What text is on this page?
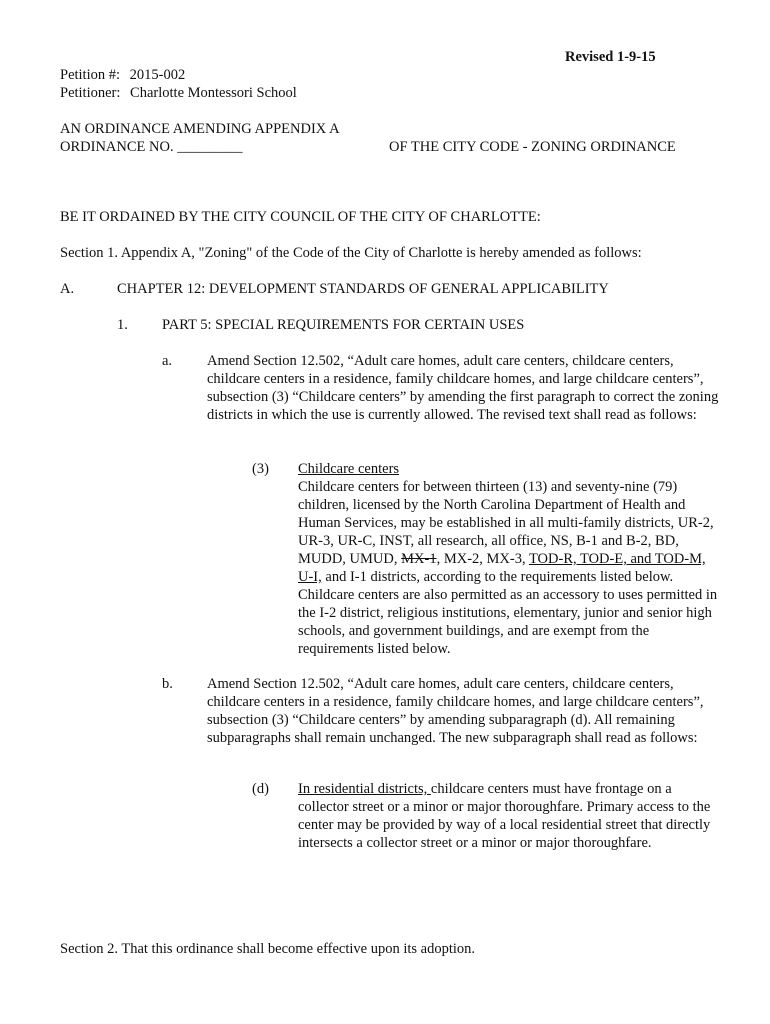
Revised 1-9-15
Petition #: 2015-002
Petitioner: Charlotte Montessori School
AN ORDINANCE AMENDING APPENDIX A
ORDINANCE NO. _________	OF THE CITY CODE - ZONING ORDINANCE
BE IT ORDAINED BY THE CITY COUNCIL OF THE CITY OF CHARLOTTE:
Section 1. Appendix A, "Zoning" of the Code of the City of Charlotte is hereby amended as follows:
A.	CHAPTER 12: DEVELOPMENT STANDARDS OF GENERAL APPLICABILITY
1. PART 5: SPECIAL REQUIREMENTS FOR CERTAIN USES
a. Amend Section 12.502, “Adult care homes, adult care centers, childcare centers, childcare centers in a residence, family childcare homes, and large childcare centers”, subsection (3) “Childcare centers” by amending the first paragraph to correct the zoning districts in which the use is currently allowed. The revised text shall read as follows:
(3) Childcare centers
Childcare centers for between thirteen (13) and seventy-nine (79) children, licensed by the North Carolina Department of Health and Human Services, may be established in all multi-family districts, UR-2, UR-3, UR-C, INST, all research, all office, NS, B-1 and B-2, BD, MUDD, UMUD, MX-1, MX-2, MX-3, TOD-R, TOD-E, and TOD-M, U-I, and I-1 districts, according to the requirements listed below. Childcare centers are also permitted as an accessory to uses permitted in the I-2 district, religious institutions, elementary, junior and senior high schools, and government buildings, and are exempt from the requirements listed below.
b. Amend Section 12.502, “Adult care homes, adult care centers, childcare centers, childcare centers in a residence, family childcare homes, and large childcare centers”, subsection (3) “Childcare centers” by amending subparagraph (d). All remaining subparagraphs shall remain unchanged. The new subparagraph shall read as follows:
(d) In residential districts, childcare centers must have frontage on a collector street or a minor or major thoroughfare. Primary access to the center may be provided by way of a local residential street that directly intersects a collector street or a minor or major thoroughfare.
Section 2. That this ordinance shall become effective upon its adoption.
